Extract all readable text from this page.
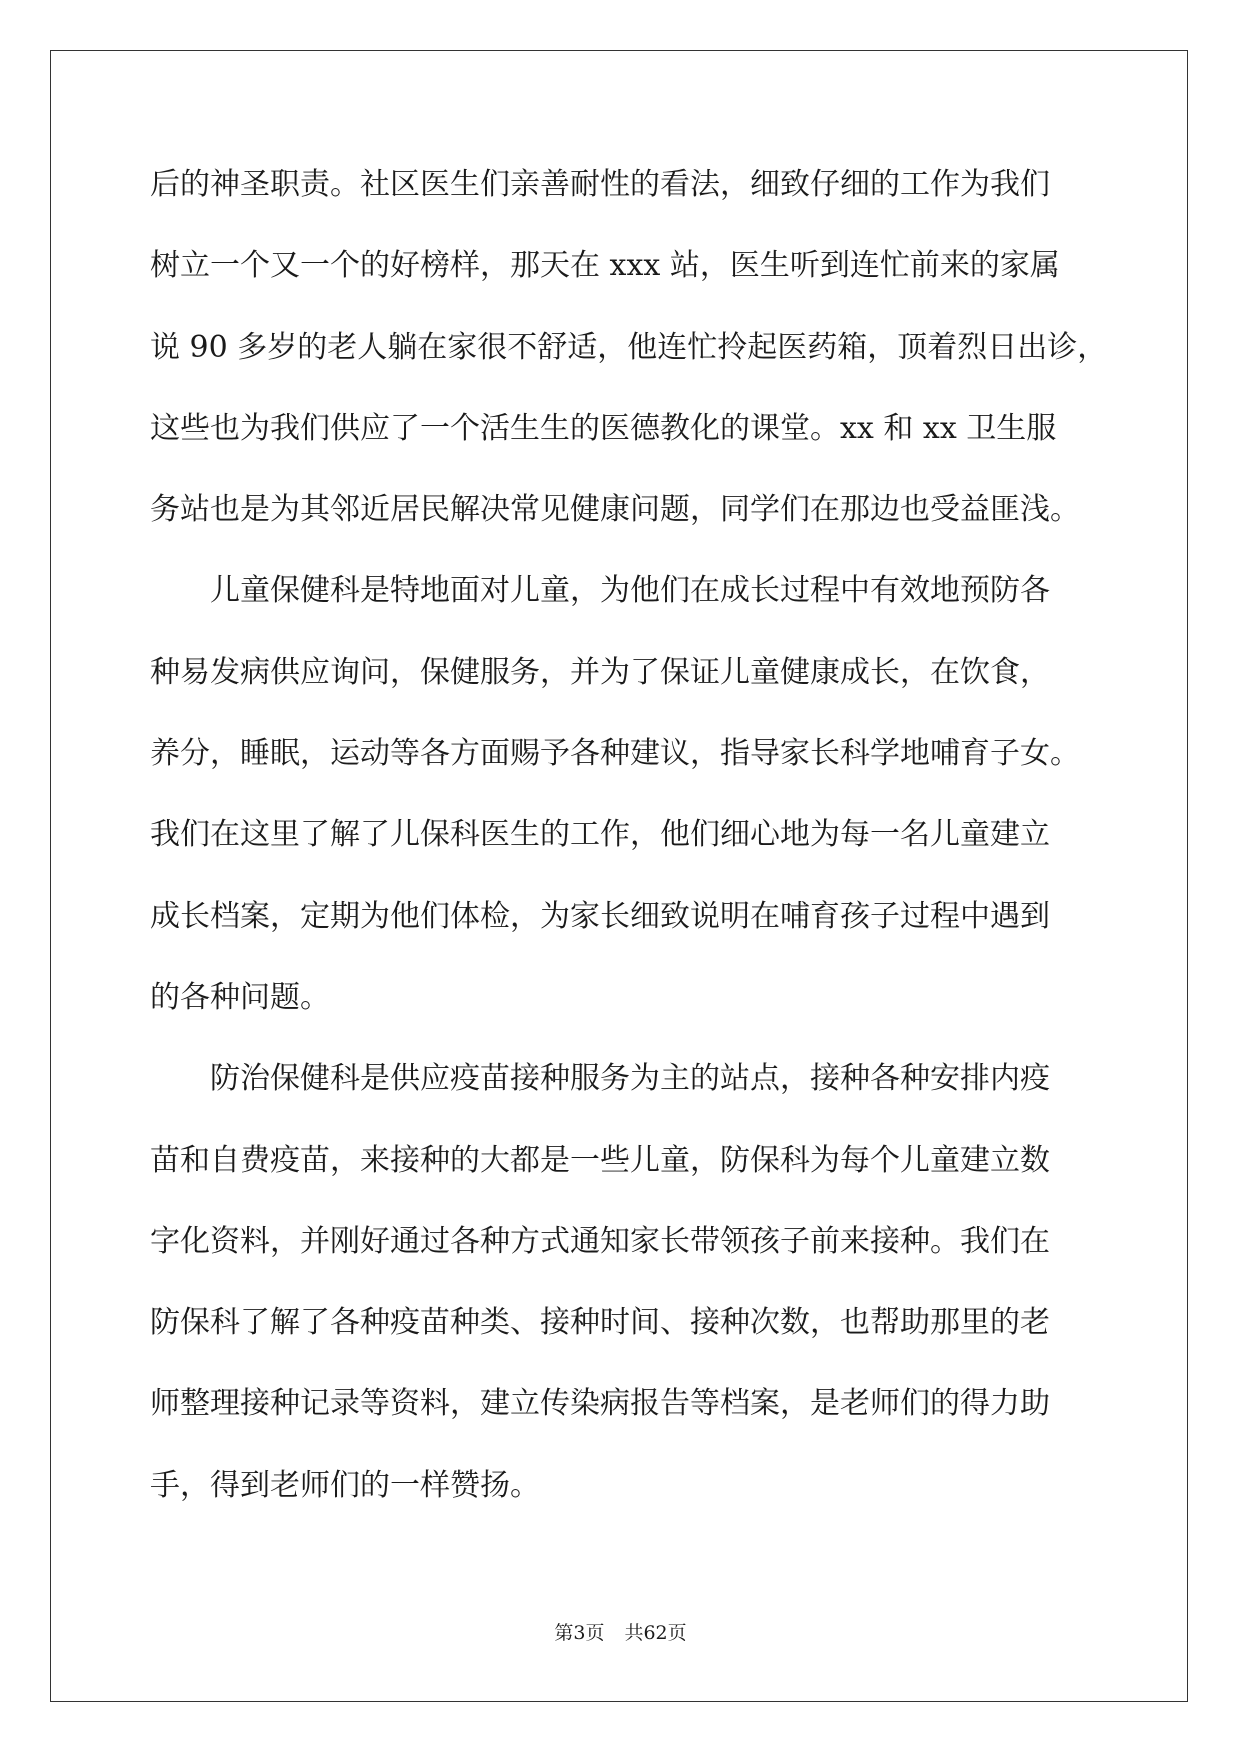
后的神圣职责。社区医生们亲善耐性的看法，细致仔细的工作为我们
树立一个又一个的好榜样，那天在 xxx 站，医生听到连忙前来的家属
说 90 多岁的老人躺在家很不舒适，他连忙拎起医药箱，顶着烈日出诊，
这些也为我们供应了一个活生生的医德教化的课堂。xx 和 xx 卫生服
务站也是为其邻近居民解决常见健康问题，同学们在那边也受益匪浅。
儿童保健科是特地面对儿童，为他们在成长过程中有效地预防各
种易发病供应询问，保健服务，并为了保证儿童健康成长，在饮食，
养分，睡眠，运动等各方面赐予各种建议，指导家长科学地哺育子女。
我们在这里了解了儿保科医生的工作，他们细心地为每一名儿童建立
成长档案，定期为他们体检，为家长细致说明在哺育孩子过程中遇到
的各种问题。
防治保健科是供应疫苗接种服务为主的站点，接种各种安排内疫
苗和自费疫苗，来接种的大都是一些儿童，防保科为每个儿童建立数
字化资料，并刚好通过各种方式通知家长带领孩子前来接种。我们在
防保科了解了各种疫苗种类、接种时间、接种次数，也帮助那里的老
师整理接种记录等资料，建立传染病报告等档案，是老师们的得力助
手，得到老师们的一样赞扬。
第3页 共62页
